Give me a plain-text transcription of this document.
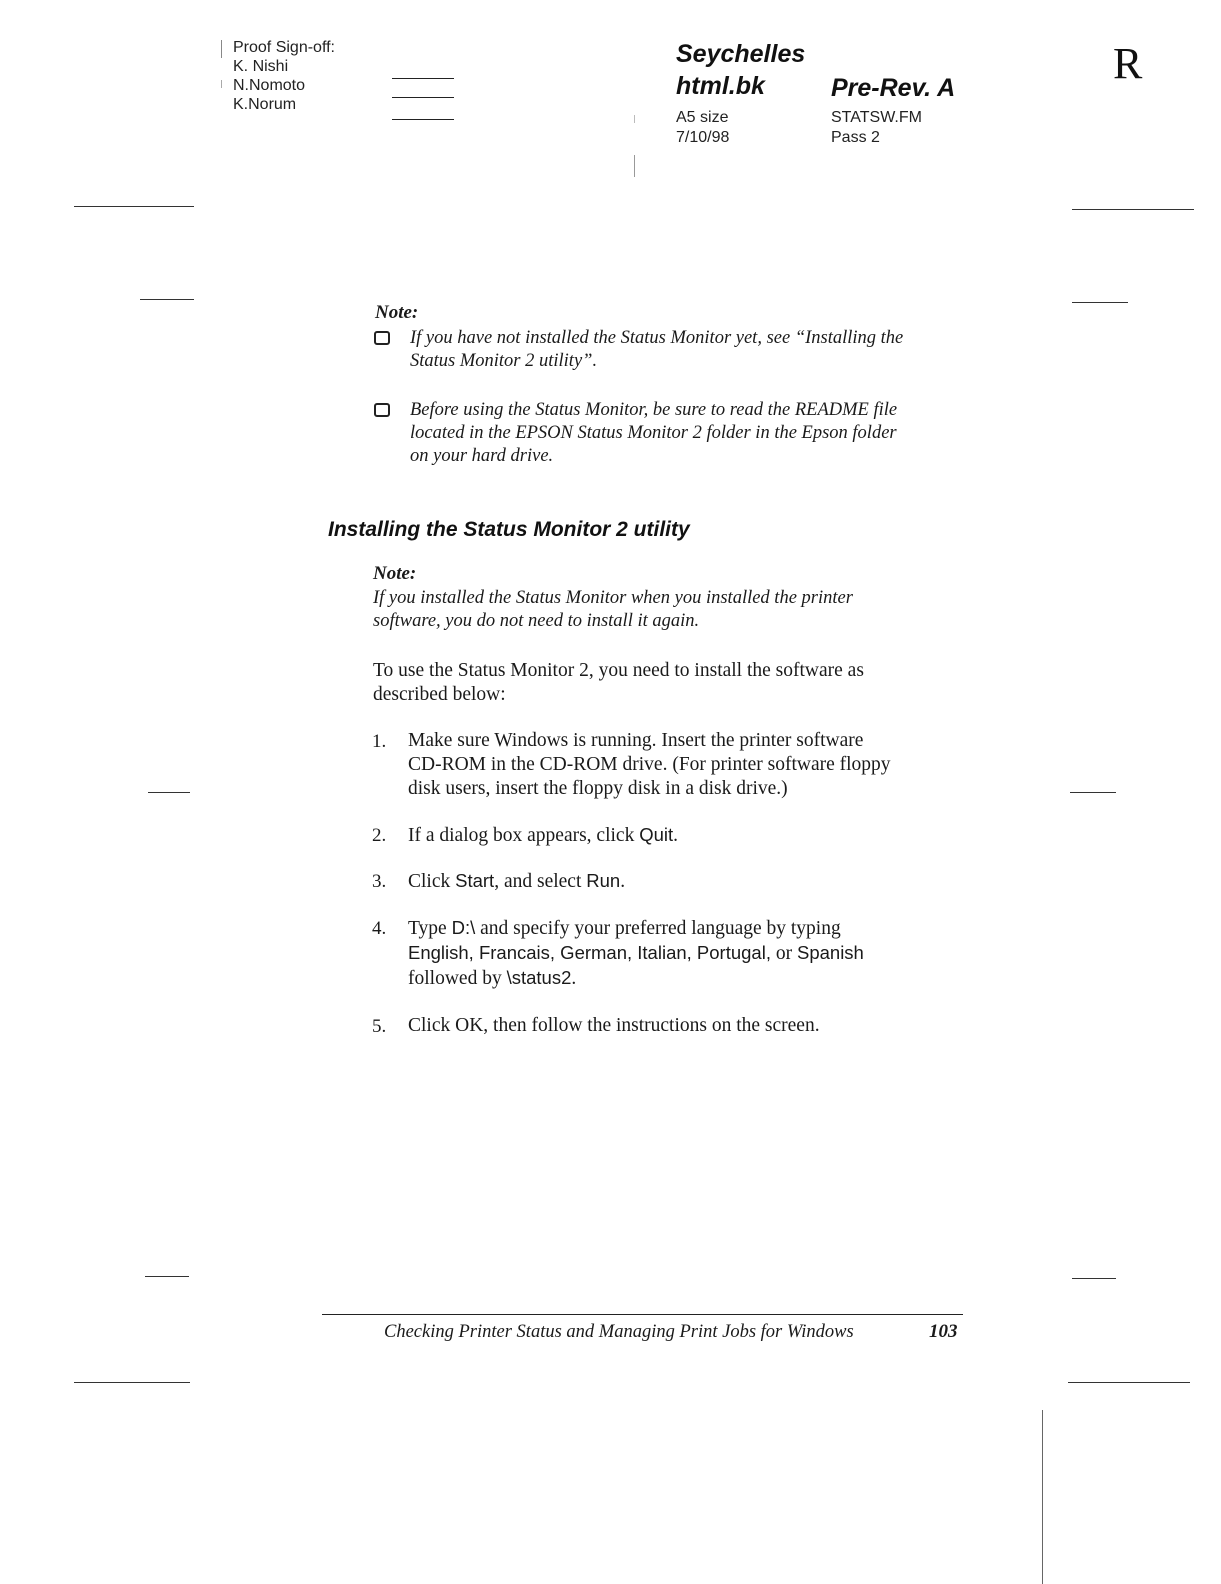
Proof Sign-off:
K. Nishi
N.Nomoto
K.Norum
Seychelles
html.bk	Pre-Rev. A
A5 size
7/10/98
STATSW.FM
Pass 2
R
Note:
If you have not installed the Status Monitor yet, see “Installing the
Status Monitor 2 utility”.
Before using the Status Monitor, be sure to read the README file
located in the EPSON Status Monitor 2 folder in the Epson folder
on your hard drive.
Installing the Status Monitor 2 utility
Note:
If you installed the Status Monitor when you installed the printer
software, you do not need to install it again.
To use the Status Monitor 2, you need to install the software as
described below:
1. Make sure Windows is running. Insert the printer software
CD-ROM in the CD-ROM drive. (For printer software floppy
disk users, insert the floppy disk in a disk drive.)
2. If a dialog box appears, click Quit.
3. Click Start, and select Run.
4. Type D:\ and specify your preferred language by typing
English, Francais, German, Italian, Portugal, or Spanish
followed by \status2.
5. Click OK, then follow the instructions on the screen.
Checking Printer Status and Managing Print Jobs for Windows	103
